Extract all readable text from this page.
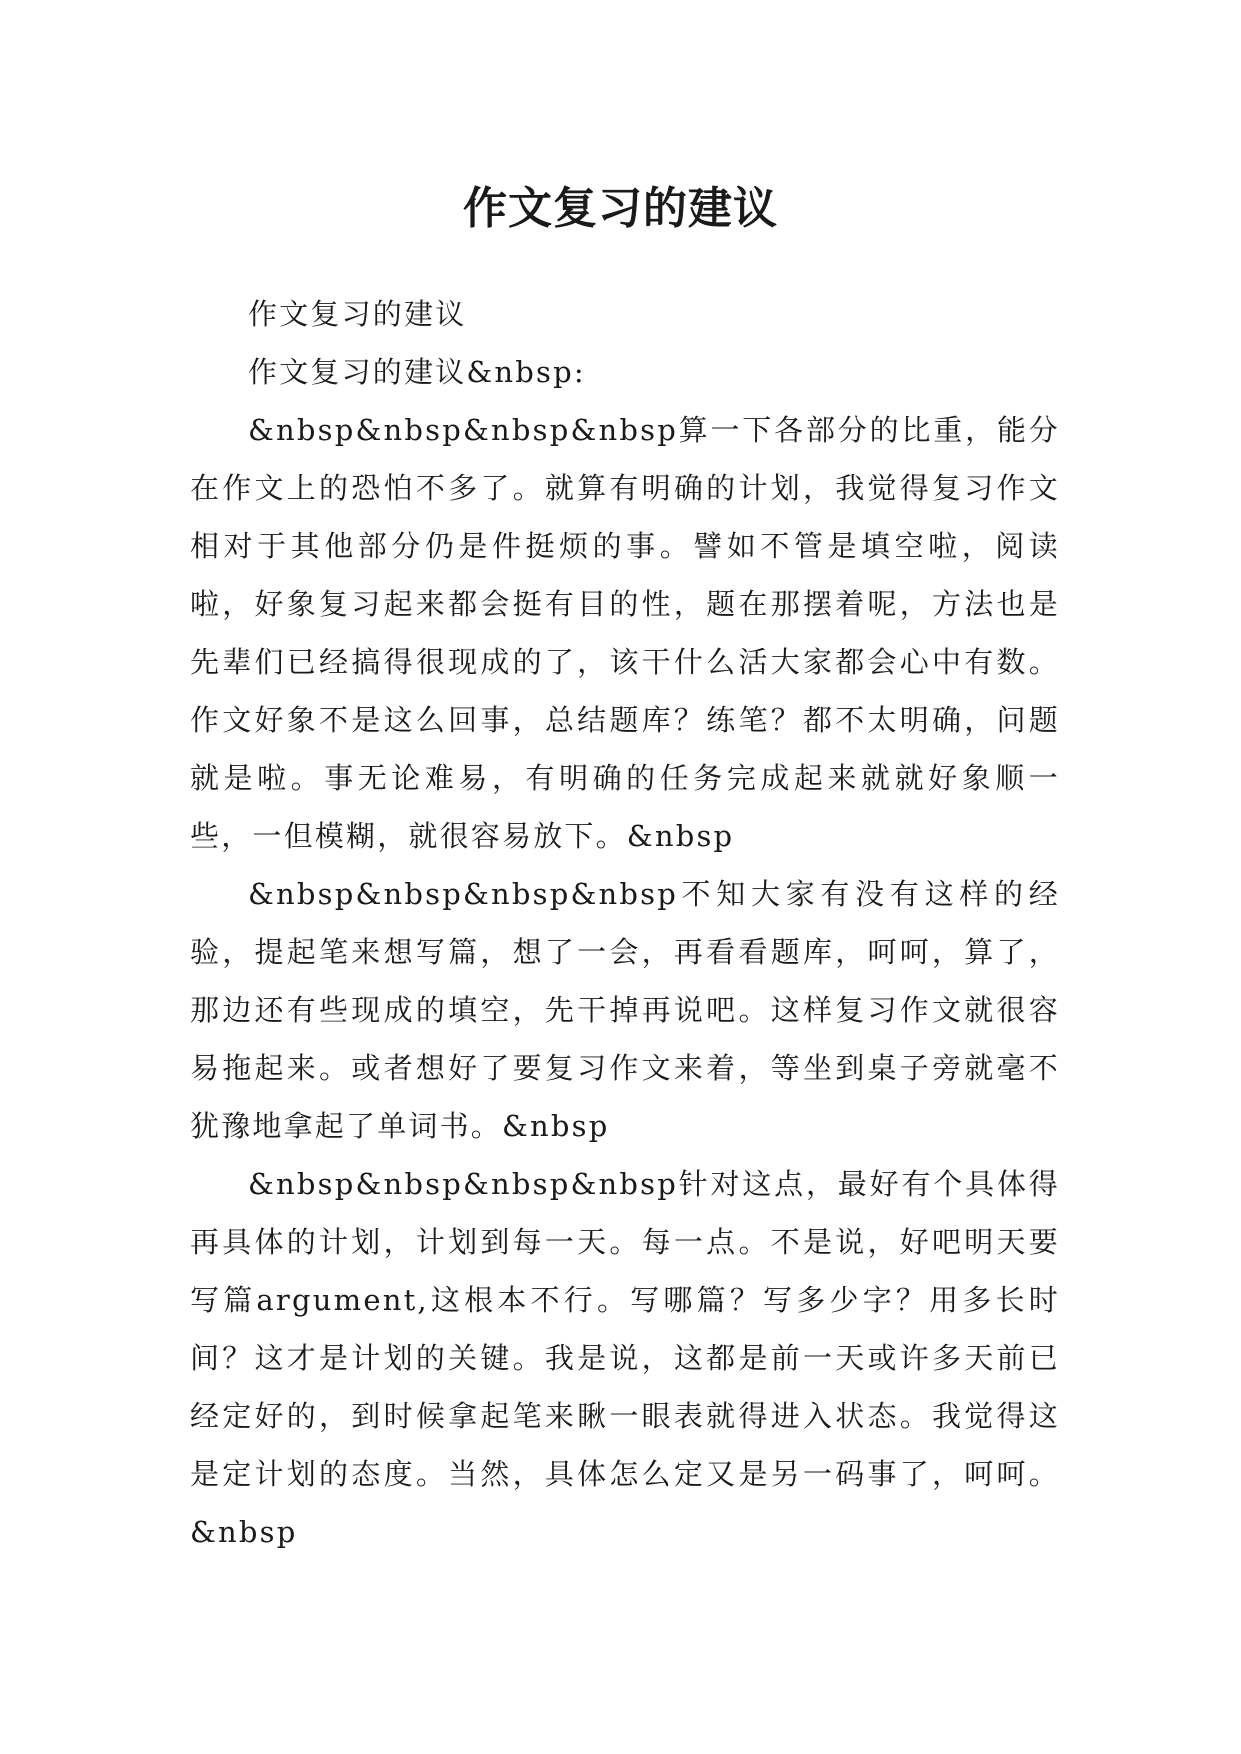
作文复习的建议

作文复习的建议

作文复习的建议&nbsp:

&nbsp&nbsp&nbsp&nbsp算一下各部分的比重，能分在作文上的恐怕不多了。就算有明确的计划，我觉得复习作文相对于其他部分仍是件挺烦的事。譬如不管是填空啦，阅读啦，好象复习起来都会挺有目的性，题在那摆着呢，方法也是先辈们已经搞得很现成的了，该干什么活大家都会心中有数。作文好象不是这么回事，总结题库？练笔？都不太明确，问题就是啦。事无论难易，有明确的任务完成起来就就好象顺一些，一但模糊，就很容易放下。&nbsp

&nbsp&nbsp&nbsp&nbsp不知大家有没有这样的经验，提起笔来想写篇，想了一会，再看看题库，呵呵，算了，那边还有些现成的填空，先干掉再说吧。这样复习作文就很容易拖起来。或者想好了要复习作文来着，等坐到桌子旁就毫不犹豫地拿起了单词书。&nbsp

&nbsp&nbsp&nbsp&nbsp针对这点，最好有个具体得再具体的计划，计划到每一天。每一点。不是说，好吧明天要写篇argument,这根本不行。写哪篇？写多少字？用多长时间？这才是计划的关键。我是说，这都是前一天或许多天前已经定好的，到时候拿起笔来瞅一眼表就得进入状态。我觉得这是定计划的态度。当然，具体怎么定又是另一码事了，呵呵。&nbsp
